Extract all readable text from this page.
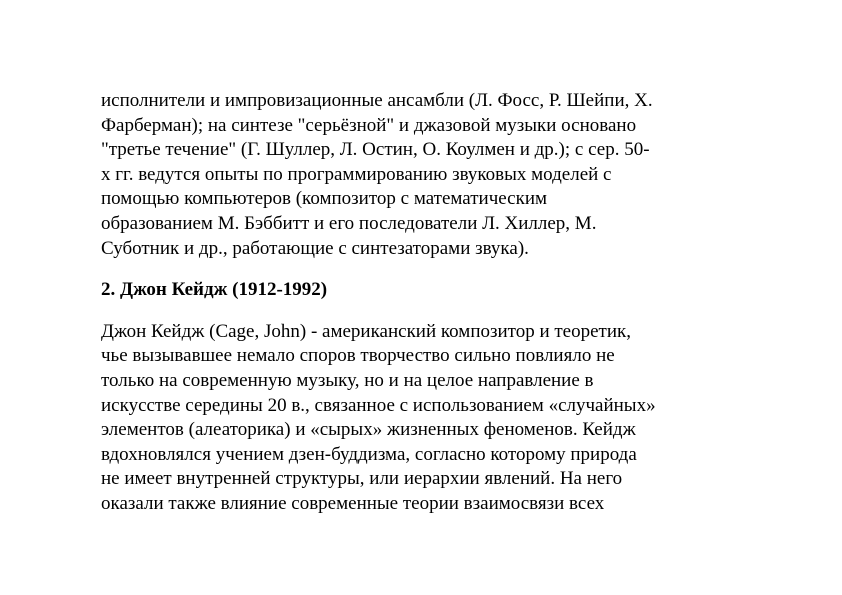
исполнители и импровизационные ансамбли (Л. Фосс, Р. Шейпи, Х.
Фарберман); на синтезе "серьёзной" и джазовой музыки основано
"третье течение" (Г. Шуллер, Л. Остин, О. Коулмен и др.); с сер. 50-
х гг. ведутся опыты по программированию звуковых моделей с
помощью компьютеров (композитор с математическим
образованием М. Бэббитт и его последователи Л. Хиллер, М.
Суботник и др., работающие с синтезаторами звука).

2. Джон Кейдж (1912-1992)

Джон Кейдж (Cage, John) - американский композитор и теоретик,
чье вызывавшее немало споров творчество сильно повлияло не
только на современную музыку, но и на целое направление в
искусстве середины 20 в., связанное с использованием «случайных»
элементов (алеаторика) и «сырых» жизненных феноменов. Кейдж
вдохновлялся учением дзен-буддизма, согласно которому природа
не имеет внутренней структуры, или иерархии явлений. На него
оказали также влияние современные теории взаимосвязи всех
